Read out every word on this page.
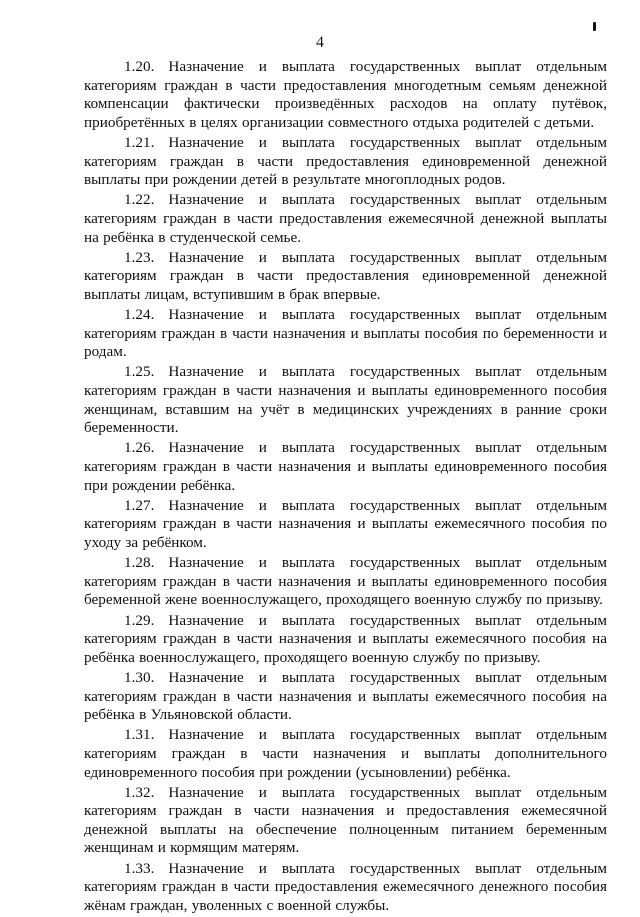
4

1.20. Назначение и выплата государственных выплат отдельным категориям граждан в части предоставления многодетным семьям денежной компенсации фактически произведённых расходов на оплату путёвок, приобретённых в целях организации совместного отдыха родителей с детьми.

1.21. Назначение и выплата государственных выплат отдельным категориям граждан в части предоставления единовременной денежной выплаты при рождении детей в результате многоплодных родов.

1.22. Назначение и выплата государственных выплат отдельным категориям граждан в части предоставления ежемесячной денежной выплаты на ребёнка в студенческой семье.

1.23. Назначение и выплата государственных выплат отдельным категориям граждан в части предоставления единовременной денежной выплаты лицам, вступившим в брак впервые.

1.24. Назначение и выплата государственных выплат отдельным категориям граждан в части назначения и выплаты пособия по беременности и родам.

1.25. Назначение и выплата государственных выплат отдельным категориям граждан в части назначения и выплаты единовременного пособия женщинам, вставшим на учёт в медицинских учреждениях в ранние сроки беременности.

1.26. Назначение и выплата государственных выплат отдельным категориям граждан в части назначения и выплаты единовременного пособия при рождении ребёнка.

1.27. Назначение и выплата государственных выплат отдельным категориям граждан в части назначения и выплаты ежемесячного пособия по уходу за ребёнком.

1.28. Назначение и выплата государственных выплат отдельным категориям граждан в части назначения и выплаты единовременного пособия беременной жене военнослужащего, проходящего военную службу по призыву.

1.29. Назначение и выплата государственных выплат отдельным категориям граждан в части назначения и выплаты ежемесячного пособия на ребёнка военнослужащего, проходящего военную службу по призыву.

1.30. Назначение и выплата государственных выплат отдельным категориям граждан в части назначения и выплаты ежемесячного пособия на ребёнка в Ульяновской области.

1.31. Назначение и выплата государственных выплат отдельным категориям граждан в части назначения и выплаты дополнительного единовременного пособия при рождении (усыновлении) ребёнка.

1.32. Назначение и выплата государственных выплат отдельным категориям граждан в части назначения и предоставления ежемесячной денежной выплаты на обеспечение полноценным питанием беременным женщинам и кормящим матерям.

1.33. Назначение и выплата государственных выплат отдельным категориям граждан в части предоставления ежемесячного денежного пособия жёнам граждан, уволенных с военной службы.
